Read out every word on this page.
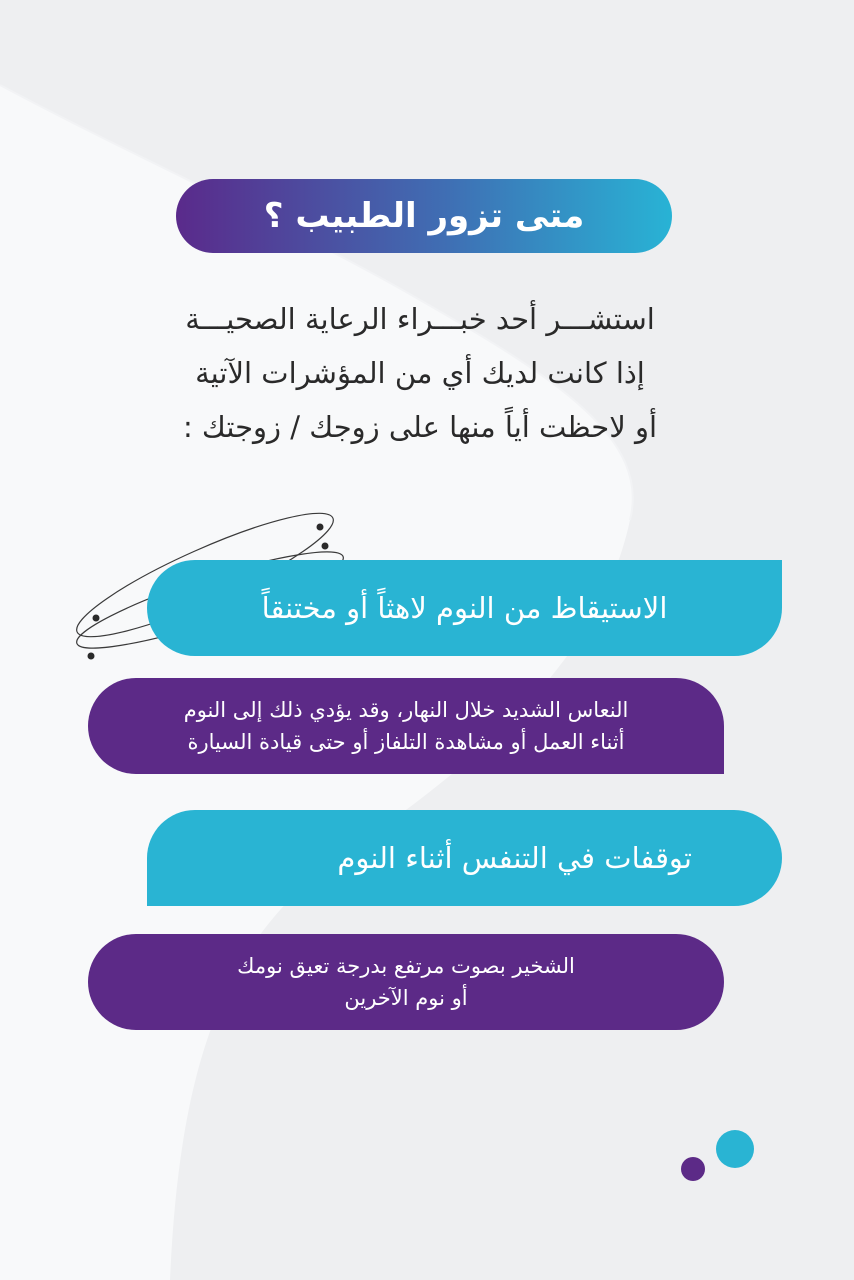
متى تزور الطبيب ؟
استشـــر أحد خبـــراء الرعاية الصحيـــة
إذا كانت لديك أي من المؤشرات الآتية
أو لاحظت أياً منها على زوجك / زوجتك :
الاستيقاظ من النوم لاهثاً أو مختنقاً
النعاس الشديد خلال النهار، وقد يؤدي ذلك إلى النوم
أثناء العمل أو مشاهدة التلفاز أو حتى قيادة السيارة
توقفات في التنفس أثناء النوم
الشخير بصوت مرتفع بدرجة تعيق نومك
أو نوم الآخرين
